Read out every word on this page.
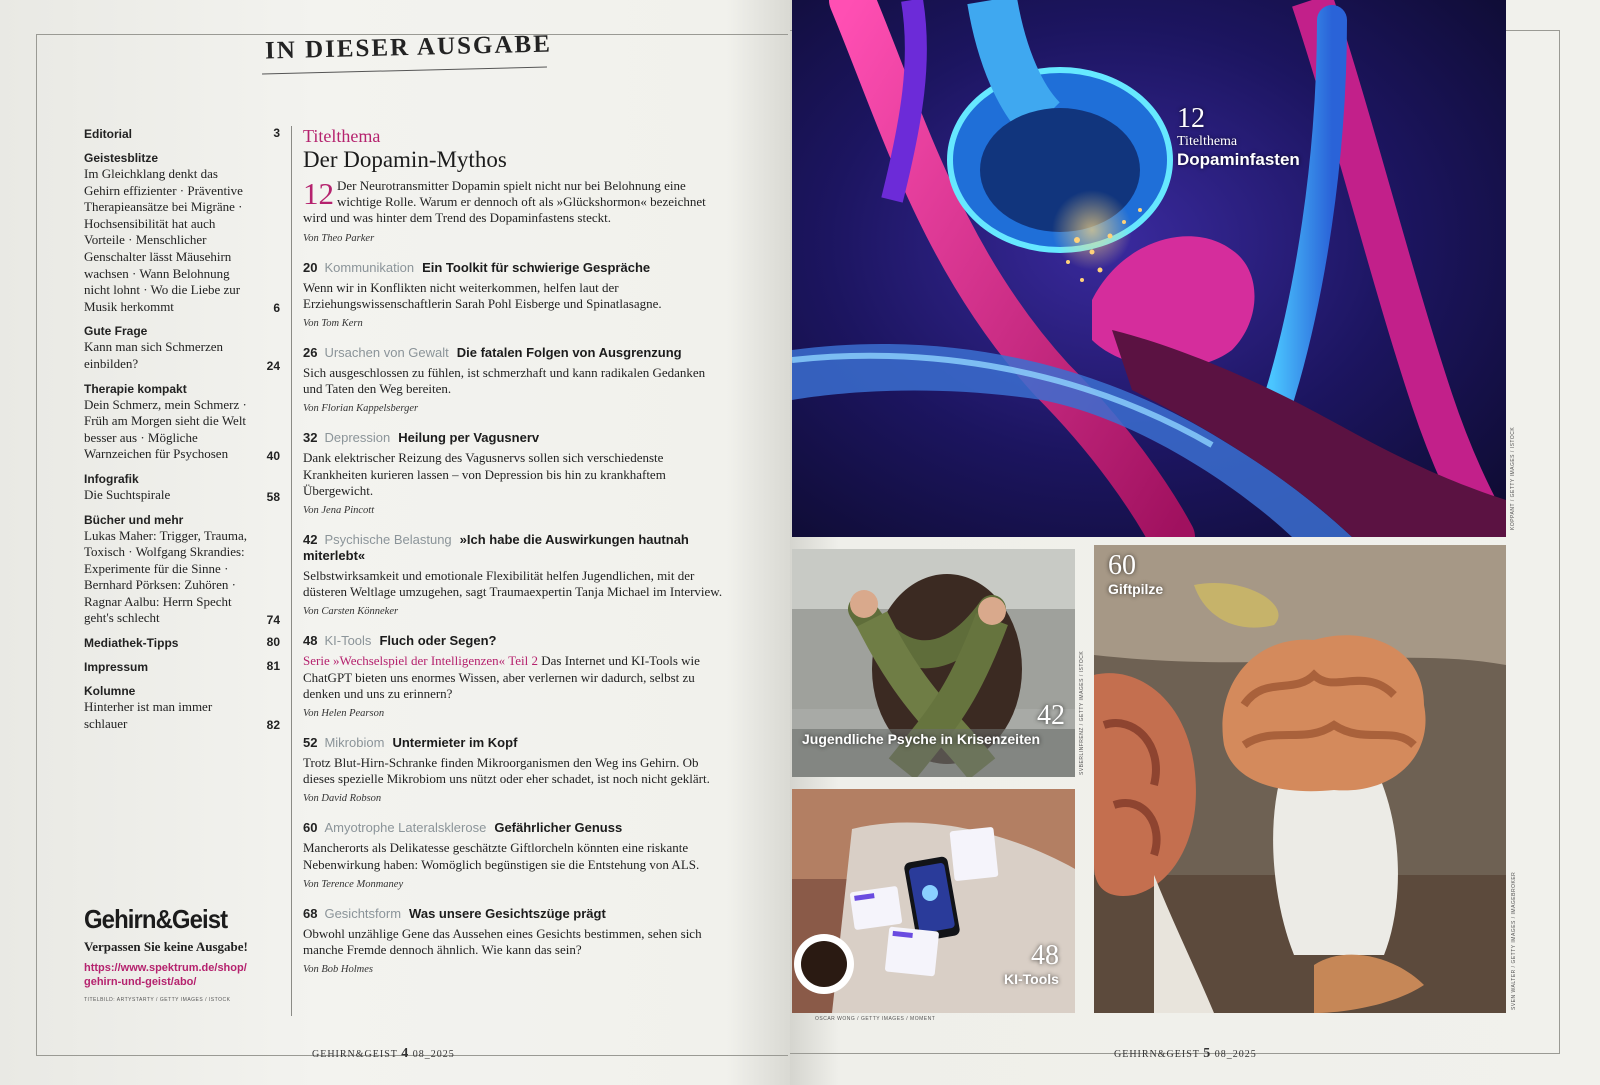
IN DIESER AUSGABE
Editorial	3
Geistesblitze
Im Gleichklang denkt das Gehirn effizienter · Präventive Therapieansätze bei Migräne · Hochsensibilität hat auch Vorteile · Menschlicher Genschalter lässt Mäusehirn wachsen · Wann Belohnung nicht lohnt · Wo die Liebe zur Musik herkommt	6
Gute Frage
Kann man sich Schmerzen einbilden?	24
Therapie kompakt
Dein Schmerz, mein Schmerz · Früh am Morgen sieht die Welt besser aus · Mögliche Warnzeichen für Psychosen	40
Infografik
Die Suchtspirale	58
Bücher und mehr
Lukas Maher: Trigger, Trauma, Toxisch · Wolfgang Skrandies: Experimente für die Sinne · Bernhard Pörksen: Zuhören · Ragnar Aalbu: Herrn Specht geht's schlecht	74
Mediathek-Tipps	80
Impressum	81
Kolumne
Hinterher ist man immer schlauer	82
Gehirn&Geist
Verpassen Sie keine Ausgabe!
https://www.spektrum.de/shop/
gehirn-und-geist/abo/
TITELBILD: ARTYSTARTY / GETTY IMAGES / ISTOCK
Titelthema
Der Dopamin-Mythos
12 Der Neurotransmitter Dopamin spielt nicht nur bei Belohnung eine wichtige Rolle. Warum er dennoch oft als »Glückshormon« bezeichnet wird und was hinter dem Trend des Dopaminfastens steckt.
Von Theo Parker
20 Kommunikation Ein Toolkit für schwierige Gespräche
Wenn wir in Konflikten nicht weiterkommen, helfen laut der Erziehungswissenschaftlerin Sarah Pohl Eisberge und Spinatlasagne.
Von Tom Kern
26 Ursachen von Gewalt Die fatalen Folgen von Ausgrenzung
Sich ausgeschlossen zu fühlen, ist schmerzhaft und kann radikalen Gedanken und Taten den Weg bereiten.
Von Florian Kappelsberger
32 Depression Heilung per Vagusnerv
Dank elektrischer Reizung des Vagusnervs sollen sich verschiedenste Krankheiten kurieren lassen – von Depression bis hin zu krankhaftem Übergewicht.
Von Jena Pincott
42 Psychische Belastung »Ich habe die Auswirkungen hautnah miterlebt«
Selbstwirksamkeit und emotionale Flexibilität helfen Jugendlichen, mit der düsteren Weltlage umzugehen, sagt Traumaexpertin Tanja Michael im Interview.
Von Carsten Könneker
48 KI-Tools Fluch oder Segen?
Serie »Wechselspiel der Intelligenzen« Teil 2 Das Internet und KI-Tools wie ChatGPT bieten uns enormes Wissen, aber verlernen wir dadurch, selbst zu denken und uns zu erinnern?
Von Helen Pearson
52 Mikrobiom Untermieter im Kopf
Trotz Blut-Hirn-Schranke finden Mikroorganismen den Weg ins Gehirn. Ob dieses spezielle Mikrobiom uns nützt oder eher schadet, ist noch nicht geklärt.
Von David Robson
60 Amyotrophe Lateralsklerose Gefährlicher Genuss
Mancherorts als Delikatesse geschätzte Giftlorcheln könnten eine riskante Nebenwirkung haben: Womöglich begünstigen sie die Entstehung von ALS.
Von Terence Monmaney
68 Gesichtsform Was unsere Gesichtszüge prägt
Obwohl unzählige Gene das Aussehen eines Gesichts bestimmen, sehen sich manche Fremde dennoch ähnlich. Wie kann das sein?
Von Bob Holmes
GEHIRN&GEIST 4 08_2025	GEHIRN&GEIST 5 08_2025
12
Titelthema
Dopaminfasten
KOPPANT / GETTY IMAGES / ISTOCK
42
Jugendliche Psyche in Krisenzeiten	SVBERLINFRENZ / GETTY IMAGES / ISTOCK
48
KI-Tools
OSCAR WONG / GETTY IMAGES / MOMENT
60
Giftpilze
SVEN WALTER / GETTY IMAGES / IMAGEBROKER
